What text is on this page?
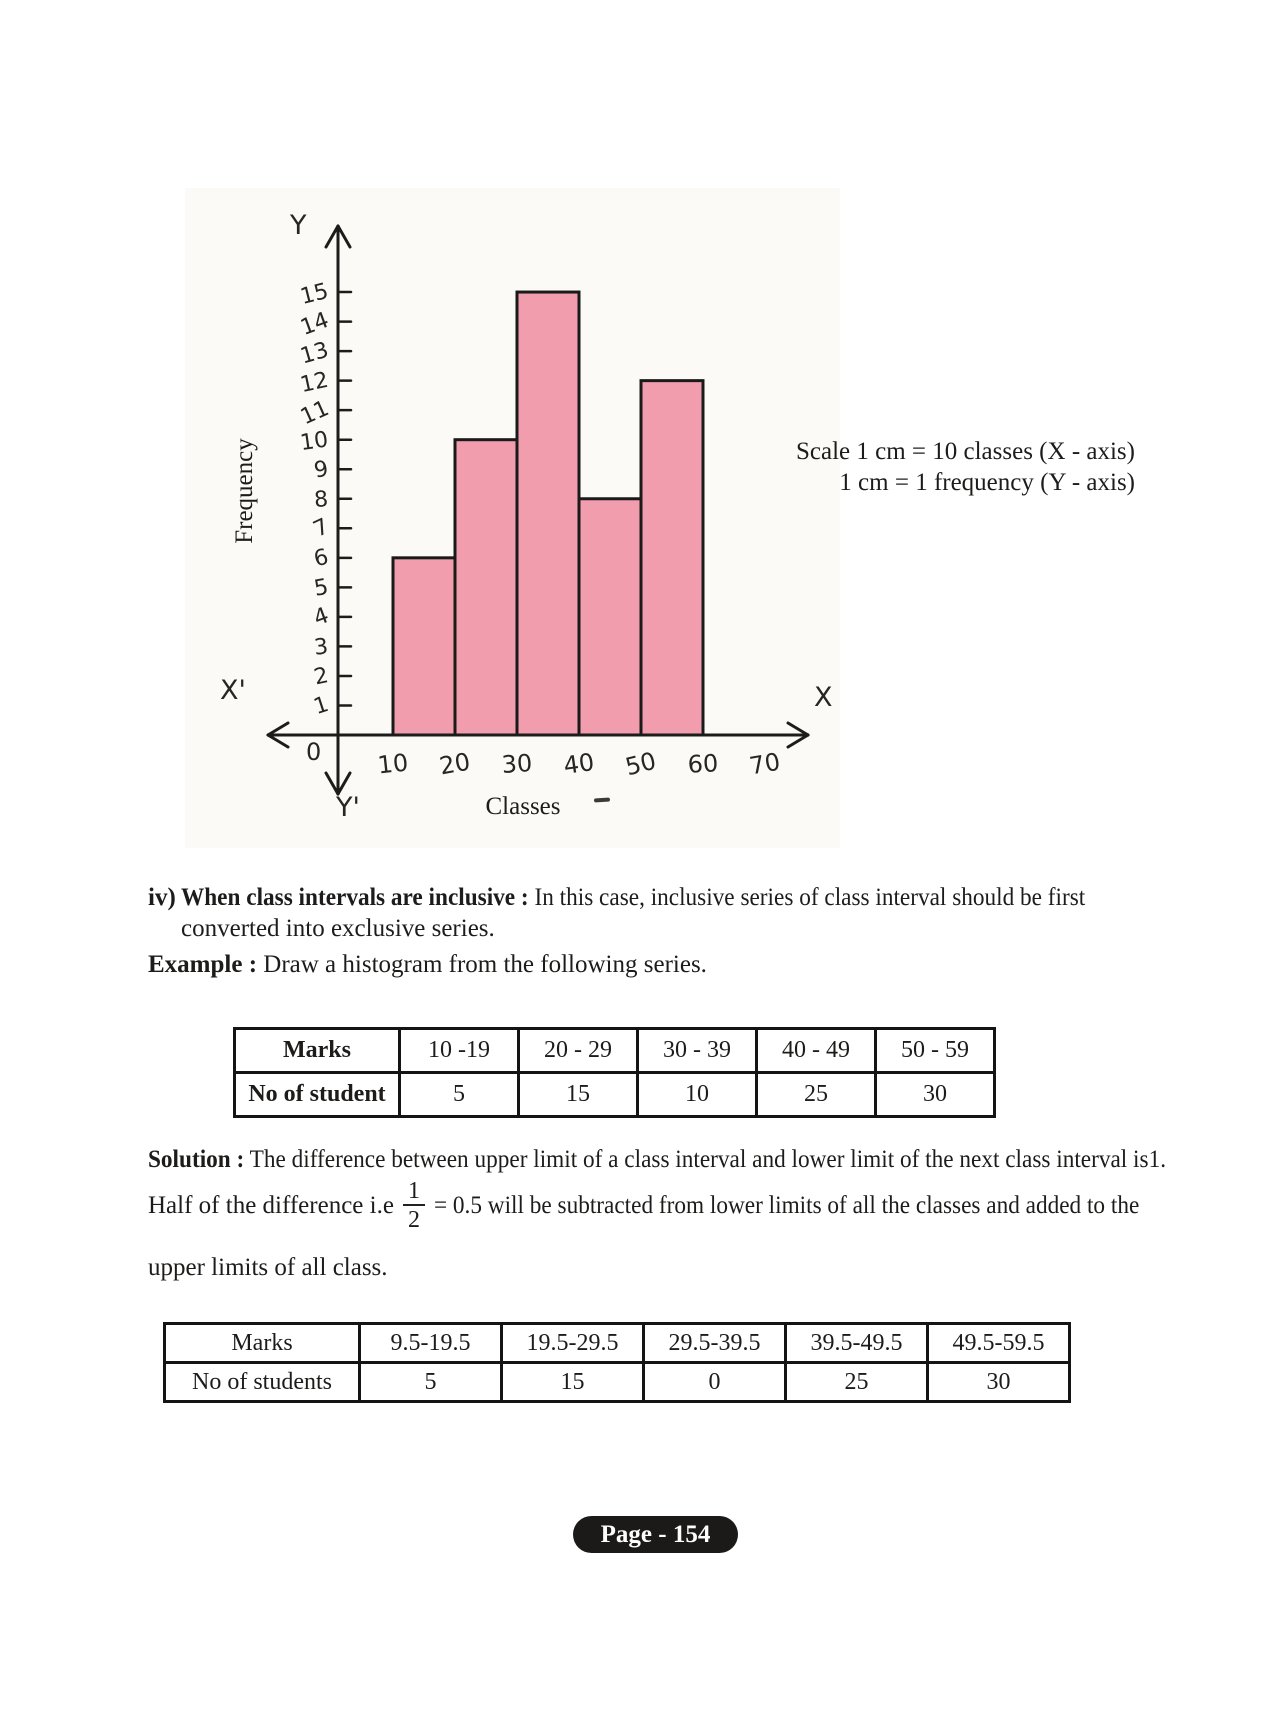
1
2
3
4
5
6
7
8
9
10
11
12
13
14
15
10 20 30 40 50 60 70
Y
Y'
X
X'
0
Frequency
Classes
Scale 1 cm = 10 classes (X - axis)
1 cm = 1 frequency (Y - axis)
iv) When class intervals are inclusive : In this case, inclusive series of class interval should be first
converted into exclusive series.
Example : Draw a histogram from the following series.
Marks	10 -19	20 - 29	30 - 39	40 - 49	50 - 59
No of student	5	15	10	25	30
Solution : The difference between upper limit of a class interval and lower limit of the next class interval is1.
Half of the difference $i.e \frac{1}{2} = 0.5$ will be subtracted from lower limits of all the classes and added to the
upper limits of all class.
Marks	9.5-19.5	19.5-29.5	29.5-39.5	39.5-49.5	49.5-59.5
No of students	5	15	0	25	30
Page - 154
